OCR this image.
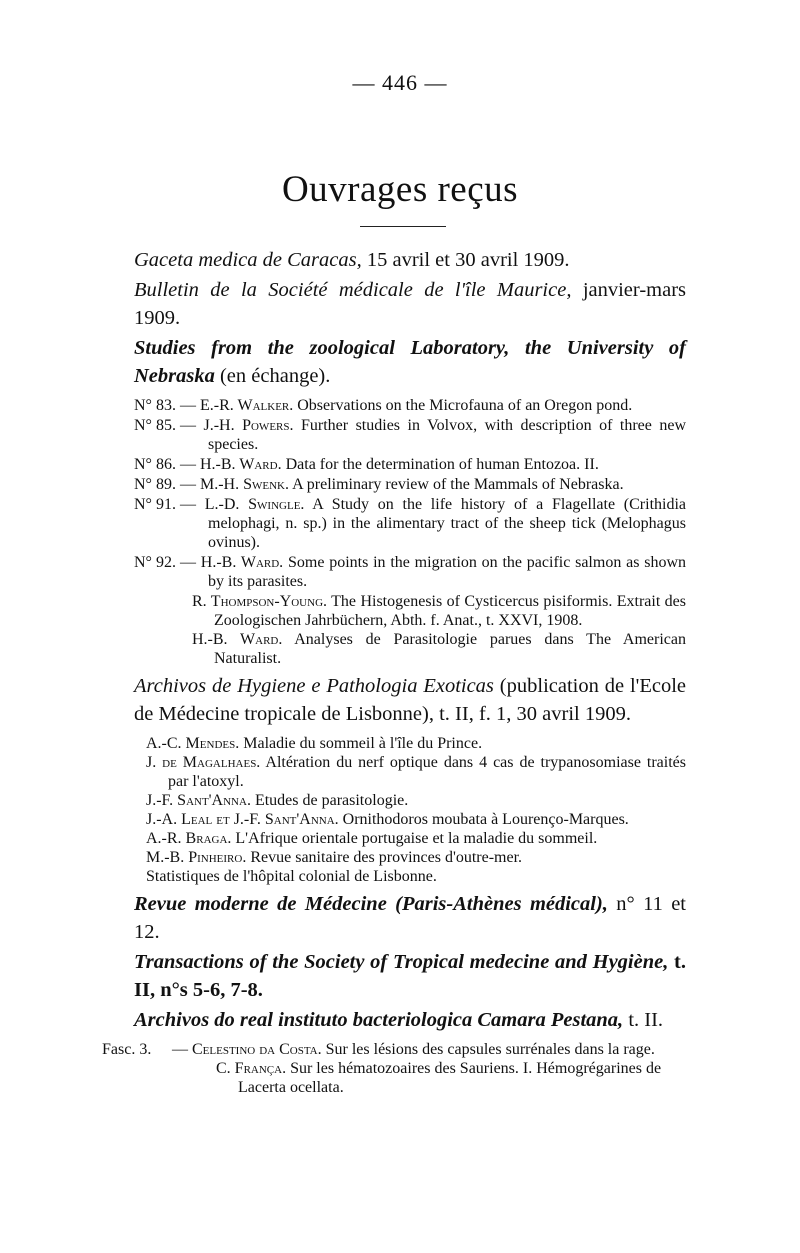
— 446 —
Ouvrages reçus

Gaceta medica de Caracas, 15 avril et 30 avril 1909.

Bulletin de la Société médicale de l'île Maurice, janvier-mars 1909.

Studies from the zoological Laboratory, the University of Nebraska (en échange).

N° 83. — E.-R. Walker. Observations on the Microfauna of an Oregon pond.
N° 85. — J.-H. Powers. Further studies in Volvox, with description of three new species.
N° 86. — H.-B. Ward. Data for the determination of human Entozoa. II.
N° 89. — M.-H. Swenk. A preliminary review of the Mammals of Nebraska.
N° 91. — L.-D. Swingle. A Study on the life history of a Flagellate (Crithidia melophagi, n. sp.) in the alimentary tract of the sheep tick (Melophagus ovinus).
N° 92. — H.-B. Ward. Some points in the migration on the pacific salmon as shown by its parasites.
R. Thompson-Young. The Histogenesis of Cysticercus pisiformis. Extrait des Zoologischen Jahrbüchern, Abth. f. Anat., t. XXVI, 1908.
H.-B. Ward. Analyses de Parasitologie parues dans The American Naturalist.

Archivos de Hygiene e Pathologia Exoticas (publication de l'Ecole de Médecine tropicale de Lisbonne), t. II, f. 1, 30 avril 1909.

A.-C. Mendes. Maladie du sommeil à l'île du Prince.
J. de Magalhaes. Altération du nerf optique dans 4 cas de trypanosomiase traités par l'atoxyl.
J.-F. Sant'Anna. Etudes de parasitologie.
J.-A. Leal et J.-F. Sant'Anna. Ornithodoros moubata à Lourenço-Marques.
A.-R. Braga. L'Afrique orientale portugaise et la maladie du sommeil.
M.-B. Pinheiro. Revue sanitaire des provinces d'outre-mer.
Statistiques de l'hôpital colonial de Lisbonne.

Revue moderne de Médecine (Paris-Athènes médical), n° 11 et 12.

Transactions of the Society of Tropical medecine and Hygiène, t. II, n°s 5-6, 7-8.

Archivos do real instituto bacteriologica Camara Pestana, t. II.

Fasc. 3.	— Celestino da Costa. Sur les lésions des capsules surrénales dans la rage.
C. França. Sur les hématozoaires des Sauriens. I. Hémogrégarines de Lacerta ocellata.
